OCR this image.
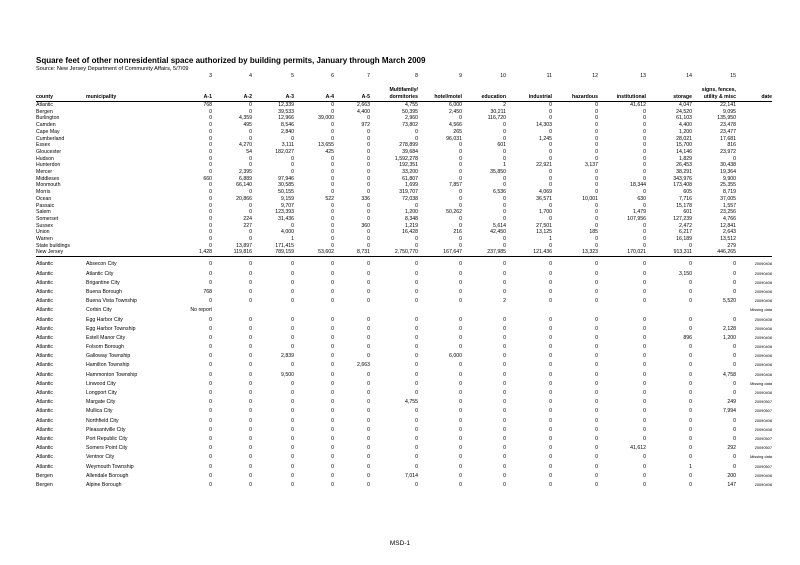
Square feet of other nonresidential space authorized by building permits, January through March 2009
Source: New Jersey Department of Community Affairs, 5/7/09
		3	4	5	6	7	8	9	10	11	12	13	14	15	
							Multifamily/							signs, fences,	
county	municipality	A-1	A-2	A-3	A-4	A-5	dormitories	hotel/motel	education	industrial	hazardous	institutional	storage	utility & misc	date
Atlantic		768	0	12,339	0	2,663	4,755	6,000	2	0	0	41,612	4,047	22,141	
Bergen		0	0	39,533	0	4,400	50,395	2,450	30,211	0	0	0	24,520	9,095	
Burlington		0	4,359	12,966	39,000	0	2,960	0	116,720	0	0	0	61,103	135,950	
Camden		0	495	8,546	0	972	73,802	4,566	0	14,303	0	0	4,400	23,478	
Cape May		0	0	2,840	0	0	0	265	0	0	0	0	1,200	23,477	
Cumberland		0	0	0	0	0	0	96,031	0	1,245	0	0	28,021	17,681	
Essex		0	4,270	3,111	13,655	0	278,899	0	601	0	0	0	15,700	816	
Gloucester		0	54	182,027	425	0	39,684	0	0	0	0	0	14,146	23,972	
Hudson		0	0	0	0	0	1,592,278	0	0	0	0	0	1,829	0	
Hunterdon		0	0	0	0	0	192,351	0	1	22,921	3,137	0	26,453	30,438	
Mercer		0	2,395	0	0	0	33,200	0	35,850	0	0	0	38,291	19,364	
Middlesex		660	6,889	97,946	0	0	61,807	0	0	0	0	0	343,976	9,900	
Monmouth		0	66,140	30,585	0	0	1,699	7,857	0	0	0	18,344	173,408	25,355	
Morris		0	0	50,155	0	0	319,707	0	6,536	4,069	0	0	605	8,719	
Ocean		0	20,866	9,159	522	336	72,038	0	0	36,571	10,001	630	7,716	37,005	
Passaic		0	0	9,707	0	0	0	0	0	0	0	0	15,178	1,557	
Salem		0	0	123,393	0	0	1,200	50,262	0	1,700	0	1,479	601	23,256	
Somerset		0	224	31,436	0	0	8,348	0	0	0	0	107,956	127,239	4,766	
Sussex		0	227	0	0	360	1,219	0	5,614	27,501	0	0	2,472	12,841	
Union		0	0	4,000	0	0	16,428	216	42,450	13,125	185	0	6,217	2,643	
Warren		0	0	1	0	0	0	0	0	1	0	0	16,189	13,512	
State buildings		0	13,897	171,415	0	0	0	0	0	0	0	0	0	279	
New Jersey		1,428	119,816	789,159	53,602	8,731	2,750,770	167,647	237,985	121,436	13,323	170,021	913,311	446,265	

Atlantic	Absecon City	0	0	0	0	0	0	0	0	0	0	0	0	0	20090408
Atlantic	Atlantic City	0	0	0	0	0	0	0	0	0	0	0	3,150	0	20090408
Atlantic	Brigantine City	0	0	0	0	0	0	0	0	0	0	0	0	0	20090408
Atlantic	Buena Borough	768	0	0	0	0	0	0	0	0	0	0	0	0	20090408
Atlantic	Buena Vista Township	0	0	0	0	0	0	0	2	0	0	0	0	5,520	20090408
Atlantic	Corbin City	No report													Missing data
Atlantic	Egg Harbor City	0	0	0	0	0	0	0	0	0	0	0	0	0	20090408
Atlantic	Egg Harbor Township	0	0	0	0	0	0	0	0	0	0	0	0	2,128	20090408
Atlantic	Estell Manor City	0	0	0	0	0	0	0	0	0	0	0	896	1,200	20090408
Atlantic	Folsom Borough	0	0	0	0	0	0	0	0	0	0	0	0	0	20090408
Atlantic	Galloway Township	0	0	2,839	0	0	0	6,000	0	0	0	0	0	0	20090408
Atlantic	Hamilton Township	0	0	0	0	2,663	0	0	0	0	0	0	0	0	20090408
Atlantic	Hammonton Township	0	0	9,500	0	0	0	0	0	0	0	0	0	4,758	20090408
Atlantic	Linwood City	0	0	0	0	0	0	0	0	0	0	0	0	0	Missing data
Atlantic	Longport City	0	0	0	0	0	0	0	0	0	0	0	0	0	20090408
Atlantic	Margate City	0	0	0	0	0	4,755	0	0	0	0	0	0	249	20090507
Atlantic	Mullica City	0	0	0	0	0	0	0	0	0	0	0	0	7,994	20090507
Atlantic	Northfield City	0	0	0	0	0	0	0	0	0	0	0	0	0	20090408
Atlantic	Pleasantville City	0	0	0	0	0	0	0	0	0	0	0	0	0	20090408
Atlantic	Port Republic City	0	0	0	0	0	0	0	0	0	0	0	0	0	20090507
Atlantic	Somers Point City	0	0	0	0	0	0	0	0	0	0	41,612	0	292	20090507
Atlantic	Ventnor City	0	0	0	0	0	0	0	0	0	0	0	0	0	Missing data
Atlantic	Weymouth Township	0	0	0	0	0	0	0	0	0	0	0	1	0	20090507
Bergen	Allendale Borough	0	0	0	0	0	7,014	0	0	0	0	0	0	200	20090408
Bergen	Alpine Borough	0	0	0	0	0	0	0	0	0	0	0	0	147	20090408
MSD-1
